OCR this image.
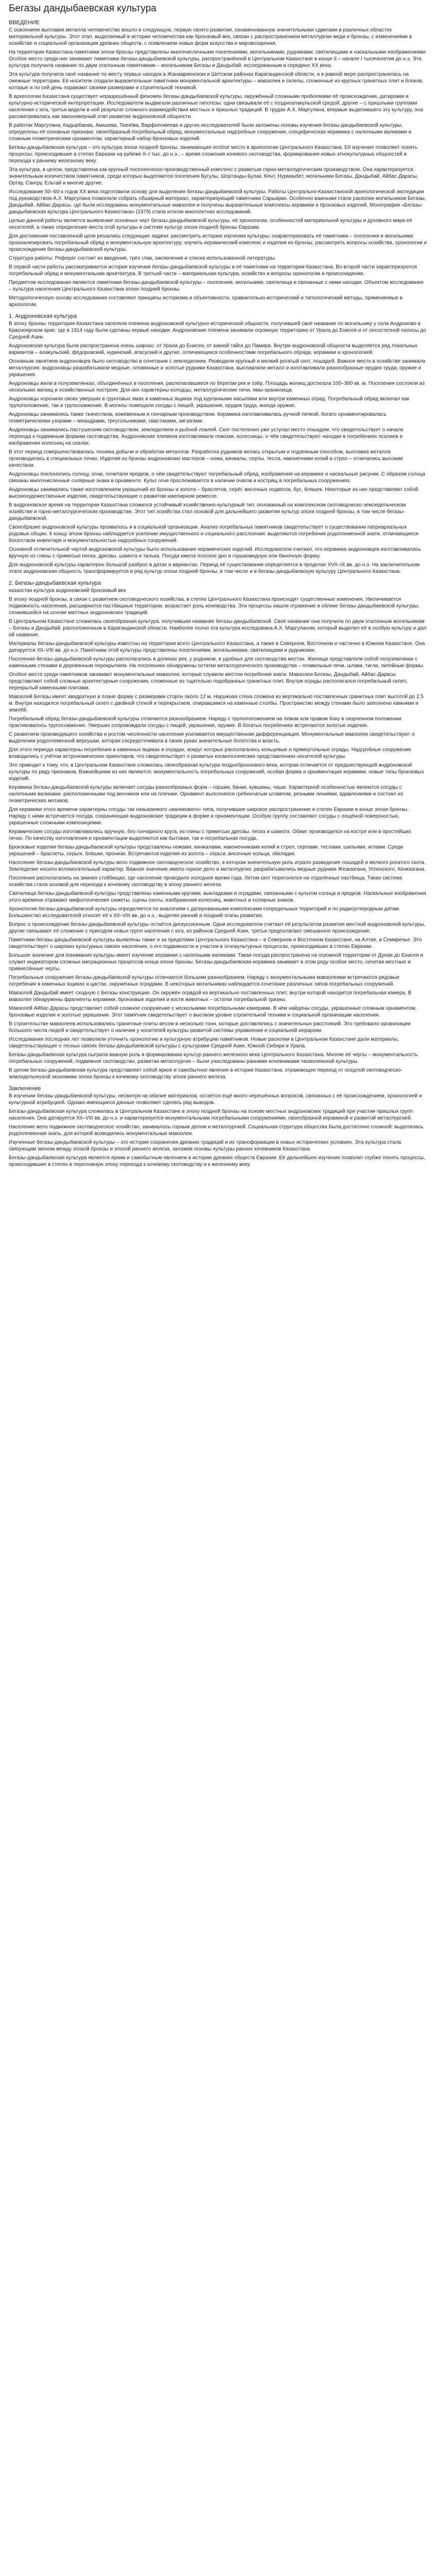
Бегазы дандыбаевская культура
ВВЕДЕНИЕ

С освоением выплавки металла человечество вошло в следующую, первую своего развития, ознаменованную значительными сдвигами в различных областях материальной культуры. Этот этап, выделяемый в истории человечества как бронзовый век, связан с распространением металлургии меди и бронзы, с изменениями в хозяйстве и социальной организации древних обществ, с появлением новых форм искусства и мировоззрения.

На территории Казахстана памятники эпохи бронзы представлены многочисленными поселениями, могильниками, рудниками, святилищами и наскальными изображениями. Особое место среди них занимают памятники бегазы-дандыбаевской культуры, распространённой в Центральном Казахстане в конце II – начале I тысячелетия до н.э. Эта культура получила название по двум эталонным памятникам – могильникам Бегазы и Дандыбай, исследованным в середине XX века.

Эта культура получила своё название по месту первых находок в Жанааркинском и Шетском районах Карагандинской области, и в равной мере распространялась на смежные территории. Её носители создали выразительные памятники монументальной архитектуры – мавзолеи и склепы, сложенные из крупных гранитных плит и блоков, которые и по сей день поражают своими размерами и строительной техникой.

В археологии Казахстана существует неразрешённый феномен бегазы-дандыбаевской культуры, окружённый сложными проблемами её происхождения, датировки и культурно-исторической интерпретации. Исследователи выдвигали различные гипотезы: одни связывали её с позднеалакульской средой, другие – с пришлыми группами населения с юга, третьи видели в ней результат сложного взаимодействия местных и пришлых традиций. В трудах А.Х. Маргулана, впервые выделившего эту культуру, она рассматривалась как закономерный этап развития андроновской общности.

В работах Маргулана, Кадырбаева, Акишева, Ткачёва, Варфоломеева и других исследователей были заложены основы изучения бегазы-дандыбаевской культуры, определены её основные признаки: своеобразный погребальный обряд, монументальные надгробные сооружения, специфическая керамика с налепными валиками и сложным геометрическим орнаментом, характерный набор бронзовых изделий.

Бегазы-дандыбаевская культура – это культура эпохи поздней бронзы, занимающая особое место в археологии Центрального Казахстана. Её изучение позволяет понять процессы, происходившие в степях Евразии на рубеже II–I тыс. до н.э., – время сложения кочевого скотоводства, формирования новых этнокультурных общностей и перехода к раннему железному веку.

Эта культура, в целом, представлена как крупный поселенческо-производственный комплекс с развитым горно-металлургическим производством. Она характеризуется значительным количеством памятников, среди которых выделяются поселения Бугулы, Шортанды-Булак, Кент, Нурманбет, могильники Бегазы, Дандыбай, Айбас-Дарасы, Ортау, Сангру, Ельтай и многие другие.

Исследование 50–60-х годов XX века подготовили основу для выделения бегазы-дандыбаевской культуры. Работы Центрально-Казахстанской археологической экспедиции под руководством А.Х. Маргулана позволили собрать обширный материал, характеризующий памятники Сарыарки. Особенно важными стали раскопки могильников Бегазы, Дандыбай, Айбас-Дарасы, где были исследованы монументальные мавзолеи и получены выразительные комплексы керамики и бронзовых изделий. Монография «Бегазы-дандыбаевская культура Центрального Казахстана» (1979) стала итогом многолетних исследований.

Целью данной работы является выявление основных черт бегазы-дандыбаевской культуры, её хронологии, особенностей материальной культуры и духовного мира её носителей, а также определение места этой культуры в системе культур эпохи поздней бронзы Евразии.

Для достижения поставленной цели решались следующие задачи: рассмотреть историю изучения культуры; охарактеризовать её памятники – поселения и могильники; проанализировать погребальный обряд и монументальную архитектуру; изучить керамический комплекс и изделия из бронзы; рассмотреть вопросы хозяйства, хронологии и происхождения бегазы-дандыбаевской культуры.

Структура работы. Реферат состоит из введения, трёх глав, заключения и списка использованной литературы.

В первой части работы рассматривается история изучения бегазы-дандыбаевской культуры и её памятники на территории Казахстана. Во второй части характеризуются погребальный обряд и монументальная архитектура. В третьей части – материальная культура, хозяйство и вопросы хронологии и происхождения.

Предметом исследования являются памятники бегазы-дандыбаевской культуры – поселения, могильники, святилища и связанные с ними находки. Объектом исследования – культура населения Центрального Казахстана эпохи поздней бронзы.

Методологическую основу исследования составляют принципы историзма и объективности, сравнительно-исторический и типологический методы, применяемые в археологии.

1. Андроновская культура

В эпоху бронзы территория Казахстана заселяли племена андроновской культурно-исторической общности, получившей своё название по могильнику у села Андроново в Красноярском крае, где в 1914 году были сделаны первые находки. Андроновские племена занимали огромную территорию от Урала до Енисея и от лесостепной полосы до Средней Азии.

Андроновская культура была распространена очень широко: от Урала до Енисея, от южной тайги до Памира. Внутри андроновской общности выделяется ряд локальных вариантов – алакульский, фёдоровский, нуринский, атасуский и другие, отличающихся особенностями погребального обряда, керамики и хронологией.

Основным занятием андроновцев было скотоводство в сочетании с земледелием. Разводили крупный и мелкий рогатый скот, лошадей. Важное место в хозяйстве занимала металлургия: андроновцы разрабатывали медные, оловянные и золотые рудники Казахстана, выплавляли металл и изготавливали разнообразные орудия труда, оружие и украшения.

Андроновцы жили в полуземлянках, объединённых в поселения, располагавшиеся по берегам рек и озёр. Площадь жилищ достигала 100–300 кв. м. Поселения состояли из нескольких жилищ и хозяйственных построек. Для них характерны колодцы, металлургические печи, ямы-хранилища.

Андроновцы хоронили своих умерших в грунтовых ямах и каменных ящиках под курганными насыпями или внутри каменных оград. Погребальный обряд включал как трупоположение, так и трупосожжение. В могилы помещали сосуды с пищей, украшения, орудия труда, иногда оружие.

Андроновцы занимались также ткачеством, кожевенным и гончарным производством. Керамика изготавливалась ручной лепкой, богато орнаментировалась геометрическими узорами – меандрами, треугольниками, свастиками, зигзагами.

Андроновцы занимались пастушеским скотоводством, земледелием и рыбной ловлей. Скот постепенно уже уступал место лошадям, что свидетельствует о начале перехода к подвижным формам скотоводства. Андроновские племена изготавливали повозки, колесницы, о чём свидетельствуют находки в погребениях псалиев и изображения колесниц на скалах.

В этот период совершенствовалась техника добычи и обработки металлов. Разработка рудников велась открытым и подземным способом, выплавка металла производилась в специальных печах. Изделия из бронзы андроновских мастеров – ножи, кинжалы, серпы, тесла, наконечники копий и стрел – отличались высоким качеством.

Андроновцы поклонялись солнцу, огню, почитали предков, о чём свидетельствуют погребальный обряд, изображения на керамике и наскальные рисунки. С образом солнца связаны многочисленные солярные знаки в орнаменте. Культ огня прослеживается в наличии очагов и кострищ в погребальных сооружениях.

Андроновцы занимались также изготовлением украшений из бронзы и золота – браслетов, серёг, височных подвесок, бус, бляшек. Некоторые из них представляют собой высокохудожественные изделия, свидетельствующие о развитом ювелирном ремесле.

В андроновское время на территории Казахстана сложился устойчивый хозяйственно-культурный тип, основанный на комплексном скотоводческо-земледельческом хозяйстве и горно-металлургическом производстве. Этот тип хозяйства стал основой для дальнейшего развития культур эпохи поздней бронзы, в том числе бегазы-дандыбаевской.

Своеобразие андроновской культуры проявилось и в социальной организации. Анализ погребальных памятников свидетельствует о существовании патриархальных родовых общин. К концу эпохи бронзы наблюдается усиление имущественного и социального расслоения: выделяются погребения родоплеменной знати, отличающиеся богатством инвентаря и монументальностью надгробных сооружений.

Основной отличительной чертой андроновской культуры было использование керамических изделий. Исследователи считают, что керамика андроновцев изготавливалась вручную из глины с примесью песка, дресвы, шамота и талька. Посуда имела плоское дно и горшковидную или баночную форму.

Для андроновской культуры характерен большой разброс в датах и вариантах. Период её существования определяется в пределах XVII–IX вв. до н.э. На заключительном этапе андроновская общность трансформируется в ряд культур эпохи поздней бронзы, в том числе и в бегазы-дандыбаевскую культуру Центрального Казахстана.

2. Бегазы-дандыбаевская культура

казахстан культура андроновский бронзовый век

В эпоху поздней бронзы, в связи с развитием скотоводческого хозяйства, в степях Центрального Казахстана происходят существенные изменения. Увеличивается подвижность населения, расширяются пастбищные территории, возрастает роль коневодства. Эти процессы нашли отражение в облике бегазы-дандыбаевской культуры, сложившейся на основе местных андроновских традиций.

В Центральном Казахстане сложилась своеобразная культура, получившая название бегазы-дандыбаевской. Своё название она получила по двум эталонным могильникам – Бегазы и Дандыбай, расположенным в Карагандинской области. Наиболее полно эта культура исследована А.Х. Маргуланом, который выделил её в особую культуру и дал ей название.

Материалы бегазы-дандыбаевской культуры известны на территории всего Центрального Казахстана, а также в Северном, Восточном и частично в Южном Казахстане. Она датируется XII–VIII вв. до н.э. Памятники этой культуры представлены поселениями, могильниками, святилищами и рудниками.

Поселения бегазы-дандыбаевской культуры располагались в долинах рек, у родников, в удобных для скотоводства местах. Жилища представляли собой полуземлянки с каменными стенами и деревянным перекрытием. На поселениях обнаружены остатки металлургического производства – плавильные печи, шлаки, тигли, литейные формы.

Особое место среди памятников занимают монументальные мавзолеи, которые служили местом погребения знати. Мавзолеи Бегазы, Дандыбай, Айбас-Дарасы представляют собой сложные архитектурные сооружения, сложенные из тщательно подобранных гранитных плит. Внутри ограды располагался погребальный склеп, перекрытый каменными плитами.

Мавзолей Бегазы имеет квадратную в плане форму с размерами сторон около 12 м. Наружная стена сложена из вертикально поставленных гранитных плит высотой до 2,5 м. Внутри находился погребальный склеп с двойной стеной и перекрытием, опиравшимся на каменные столбы. Пространство между стенами было заполнено камнями и землёй.

Погребальный обряд бегазы-дандыбаевской культуры отличается разнообразием. Наряду с трупоположением на левом или правом боку в скорченном положении практиковалось трупосожжение. Умерших сопровождали сосуды с пищей, украшения, оружие. В богатых погребениях встречаются золотые изделия.

С развитием производящего хозяйства и ростом численности населения усиливается имущественная дифференциация. Монументальные мавзолеи свидетельствуют о выделении родоплеменной верхушки, которая сосредоточивала в своих руках значительные богатства и власть.

Для этого периода характерны погребения в каменных ящиках и оградах, вокруг которых располагались кольцевые и прямоугольные ограды. Надгробные сооружения возводились с учётом астрономических ориентиров, что свидетельствует о развитых космологических представлениях носителей культуры.

Это приводит к тому, что, в Центральном Казахстане сложилась своеобразная культура позднебронзового века, которая отличается от предшествующей андроновской культуры по ряду признаков. Важнейшими из них являются: монументальность погребальных сооружений, особая форма и орнаментация керамики, новые типы бронзовых изделий.

Керамика бегазы-дандыбаевской культуры включает сосуды разнообразных форм – горшки, банки, кувшины, чаши. Характерной особенностью являются сосуды с налепными валиками, расположенными под венчиком или на плечике. Орнамент выполнялся гребенчатым штампом, резными линиями, вдавлениями и состоял из геометрических мотивов.

Для керамики этого времени характерны сосуды так называемого «валикового» типа, получившие широкое распространение в степях Евразии в конце эпохи бронзы. Наряду с ними встречается посуда, сохраняющая андроновские традиции в форме и орнаментации. Особую группу составляют сосуды с лощёной поверхностью, украшенные сложными композициями.

Керамические сосуды изготавливались вручную, без гончарного круга, из глины с примесью дресвы, песка и шамота. Обжиг производился на костре или в простейших печах. По качеству изготовления и орнаментации выделяются как бытовая, так и погребальная посуда.

Бронзовые изделия бегазы-дандыбаевской культуры представлены ножами, кинжалами, наконечниками копий и стрел, серпами, теслами, шильями, иглами. Среди украшений – браслеты, серьги, бляшки, пронизи. Встречаются изделия из золота – серьги, височные кольца, обкладки.

Население бегазы-дандыбаевской культуры вело подвижное скотоводческое хозяйство, в котором значительную роль играло разведение лошадей и мелкого рогатого скота. Земледелие носило вспомогательный характер. Важное значение имело горное дело и металлургия: разрабатывались медные рудники Жезказгана, Успенского, Кенказгана.

Поселения располагались на зимних стойбищах, где население проводило холодное время года. Летом скот перегонялся на отдалённые пастбища. Такая система хозяйства стала основой для перехода к кочевому скотоводству в эпоху раннего железа.

Святилища бегазы-дандыбаевской культуры представлены каменными кругами, выкладками и оградами, связанными с культом солнца и предков. Наскальные изображения этого времени отражают мифологические сюжеты, сцены охоты, изображения колесниц, животных и солярных знаков.

Хронология бегазы-дандыбаевской культуры определяется по аналогиям с датированными комплексами сопредельных территорий и по радиоуглеродным датам. Большинство исследователей относят её к XII–VIII вв. до н.э., выделяя ранний и поздний этапы развития.

Вопрос о происхождении бегазы-дандыбаевской культуры остаётся дискуссионным. Одни исследователи считают её результатом развития местной андроновской культуры, другие связывают её сложение с приходом новых групп населения с юга, из районов Средней Азии, третьи предполагают смешанное происхождение.

Памятники бегазы-дандыбаевской культуры выявлены также и за пределами Центрального Казахстана – в Северном и Восточном Казахстане, на Алтае, в Семиречье. Это свидетельствует о широких культурных связях населения, о его подвижности и участии в этнокультурных процессах, происходивших в степях Евразии.

Большое значение для понимания культуры имеет изучение керамики с налепными валиками. Такая посуда распространена на огромной территории от Дуная до Енисея и служит индикатором сложных миграционных процессов конца эпохи бронзы. Бегазы-дандыбаевская керамика занимает в этом ряду особое место, сочетая местные и привнесённые черты.

Погребальные сооружения бегазы-дандыбаевской культуры отличаются большим разнообразием. Наряду с монументальными мавзолеями встречаются рядовые погребения в каменных ящиках и цистах, окружённых оградами. В некоторых могильниках наблюдается сочетание различных типов погребальных сооружений.

Мавзолей Дандыбай имеет сходную с Бегазы конструкцию. Он окружён оградой из вертикально поставленных плит, внутри которой находится погребальная камера. В мавзолее обнаружены фрагменты керамики, бронзовые изделия и кости животных – остатки погребальной тризны.

Мавзолей Айбас-Дарасы представляет собой сложное сооружение с несколькими погребальными камерами. В нём найдены сосуды, украшенные сложным орнаментом, бронзовые изделия и золотые украшения. Этот памятник свидетельствует о высоком уровне строительной техники и социальной организации населения.

В строительстве мавзолеев использовались гранитные плиты весом в несколько тонн, которые доставлялись с значительных расстояний. Это требовало организации большого числа людей и свидетельствует о наличии у носителей культуры развитой системы управления и социальной иерархии.

Исследования последних лет позволили уточнить хронологию и культурную атрибуцию памятников. Новые раскопки в Центральном Казахстане дали материалы, свидетельствующие о тесных связях бегазы-дандыбаевской культуры с культурами Средней Азии, Южной Сибири и Урала.

Бегазы-дандыбаевская культура сыграла важную роль в формировании культур раннего железного века Центрального Казахстана. Многие её черты – монументальность погребальных сооружений, подвижное скотоводство, развитая металлургия – были унаследованы ранними кочевниками тасмолинской культуры.

В целом бегазы-дандыбаевская культура представляет собой яркое и самобытное явление в истории Казахстана, отражающее переход от оседлой скотоводческо-земледельческой экономики эпохи бронзы к кочевому скотоводству эпохи раннего железа.

Заключение

В изучении бегазы-дандыбаевской культуры, несмотря на обилие материалов, остаётся ещё много нерешённых вопросов, связанных с её происхождением, хронологией и культурной атрибуцией. Однако имеющиеся данные позволяют сделать ряд выводов.

Бегазы-дандыбаевская культура сложилась в Центральном Казахстане в эпоху поздней бронзы на основе местных андроновских традиций при участии пришлых групп населения. Она датируется XII–VIII вв. до н.э. и характеризуется монументальными погребальными сооружениями, своеобразной керамикой и развитой металлургией.

Население вело подвижное скотоводческое хозяйство, занималось горным делом и металлургией. Социальная структура общества была достаточно сложной: выделялась родоплеменная знать, для которой возводились монументальные мавзолеи.

Изученные бегазы-дандыбаевской культуры – это история сохранения древних традиций и их трансформации в новых исторических условиях. Эта культура стала связующим звеном между эпохой бронзы и эпохой раннего железа, заложив основы культуры ранних кочевников Казахстана.

Бегазы-дандыбаевская культура является ярким и самобытным явлением в истории древних обществ Евразии. Её дальнейшее изучение позволит глубже понять процессы, происходившие в степях в переломную эпоху перехода к кочевому скотоводству и к железному веку.
